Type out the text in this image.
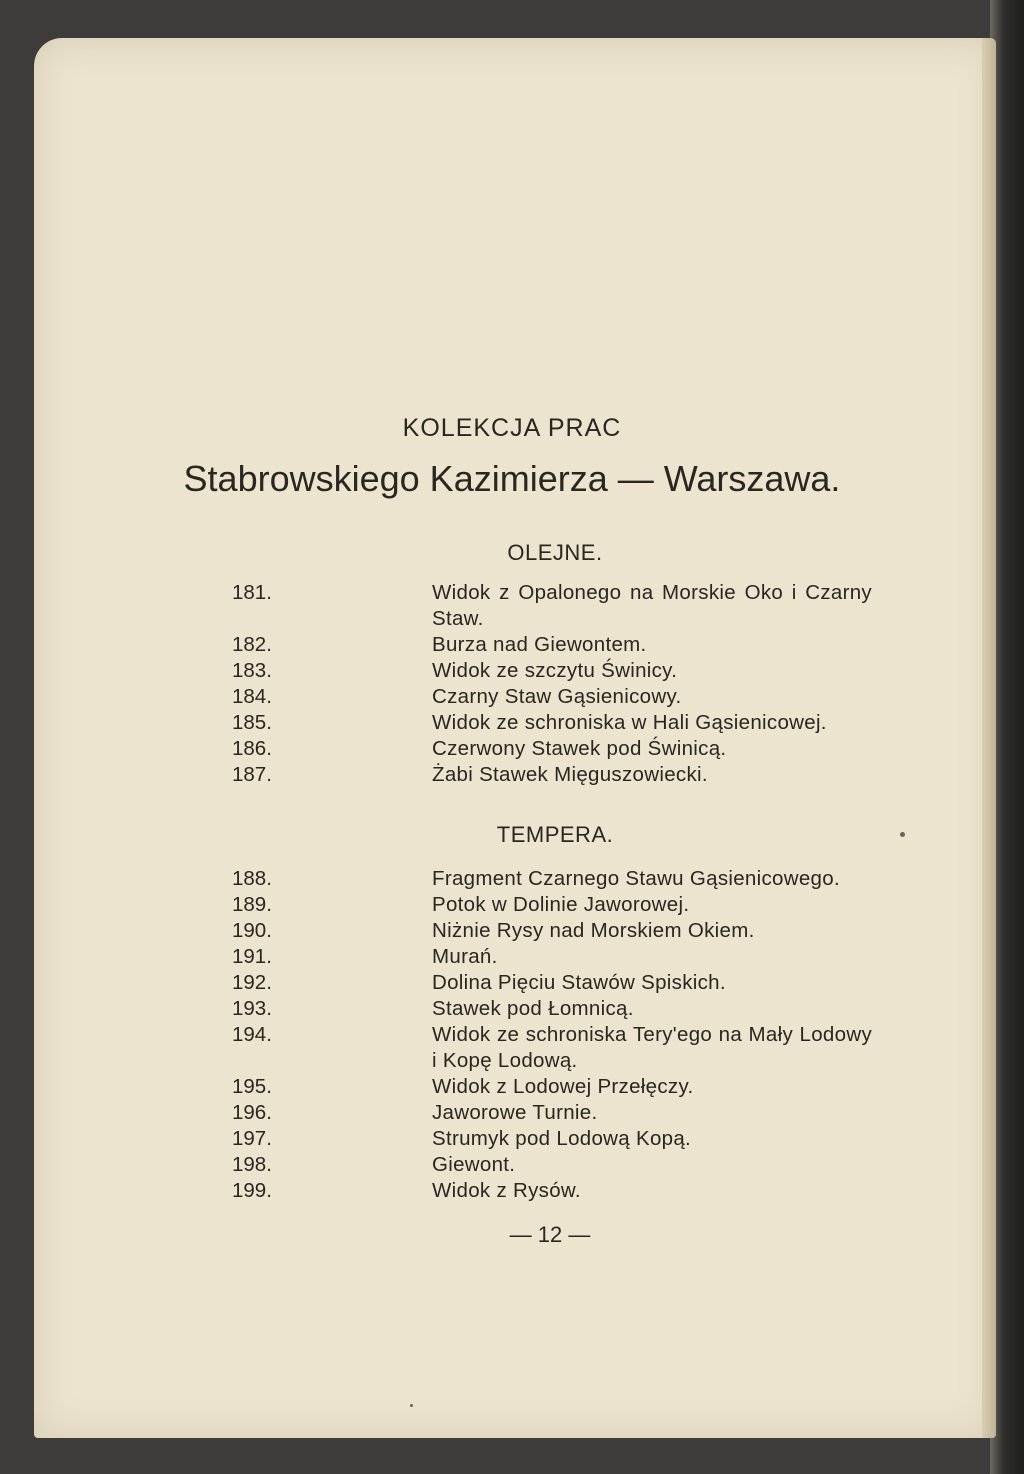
KOLEKCJA PRAC
Stabrowskiego Kazimierza — Warszawa.
OLEJNE.
181.	Widok z Opalonego na Morskie Oko i Czarny Staw.
182.	Burza nad Giewontem.
183.	Widok ze szczytu Świnicy.
184.	Czarny Staw Gąsienicowy.
185.	Widok ze schroniska w Hali Gąsienicowej.
186.	Czerwony Stawek pod Świnicą.
187.	Żabi Stawek Mięguszowiecki.
TEMPERA.
188.	Fragment Czarnego Stawu Gąsienicowego.
189.	Potok w Dolinie Jaworowej.
190.	Niżnie Rysy nad Morskiem Okiem.
191.	Murań.
192.	Dolina Pięciu Stawów Spiskich.
193.	Stawek pod Łomnicą.
194.	Widok ze schroniska Tery'ego na Mały Lodowy i Kopę Lodową.
195.	Widok z Lodowej Przełęczy.
196.	Jaworowe Turnie.
197.	Strumyk pod Lodową Kopą.
198.	Giewont.
199.	Widok z Rysów.
— 12 —
